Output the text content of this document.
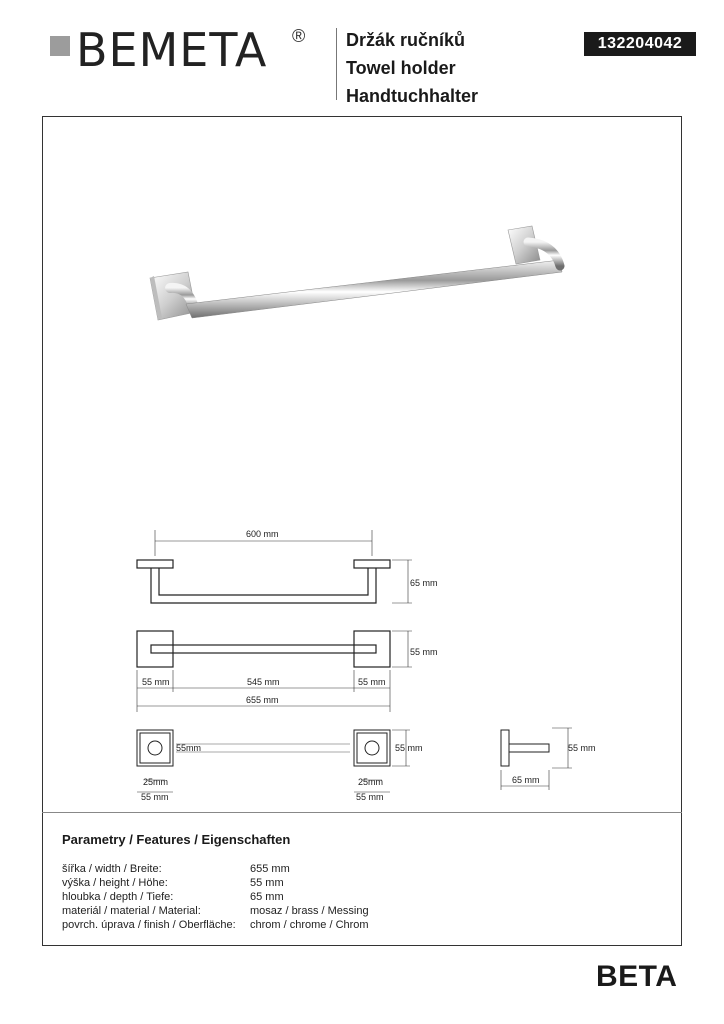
BEMETA ® Držák ručníků
Towel holder
Handtuchhalter
132204042
600 mm
65 mm
55 mm
55 mm	545 mm	55 mm
655 mm
55mm	55 mm
25mm
55 mm
25mm
55 mm
55 mm
65 mm
Parametry / Features / Eigenschaften
šířka / width / Breite:	655 mm
výška / height / Höhe:	55 mm
hloubka / depth / Tiefe:	65 mm
materiál / material / Material:	mosaz / brass / Messing
povrch. úprava / finish / Oberfläche:	chrom / chrome / Chrom
BETA
